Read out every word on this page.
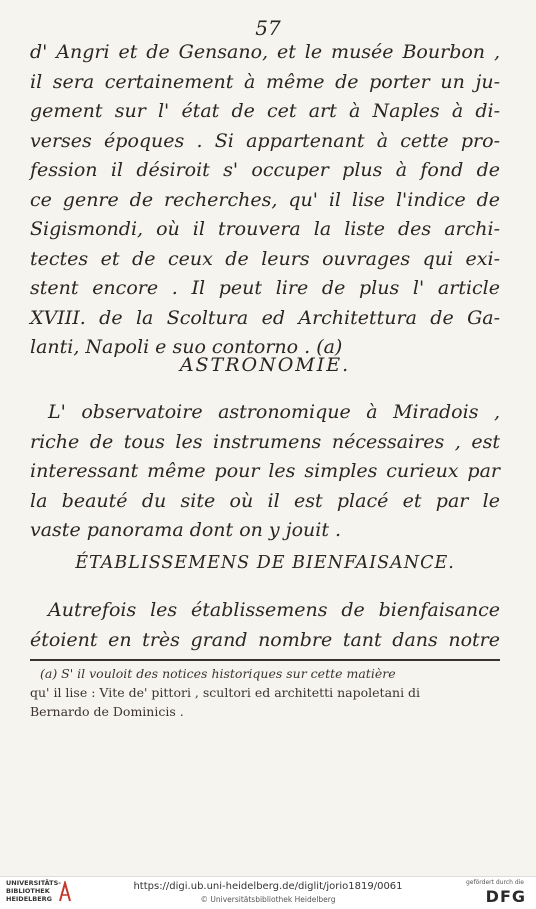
57
d' Angri et de Gensano, et le musée Bourbon ,
il sera certainement à même de porter un ju-
gement sur l' état de cet art à Naples à di-
verses époques . Si appartenant à cette pro-
fession il désiroit s' occuper plus à fond de
ce genre de recherches, qu' il lise l'indice de
Sigismondi, où il trouvera la liste des archi-
tectes et de ceux de leurs ouvrages qui exi-
stent encore . Il peut lire de plus l' article
XVIII. de la Scoltura ed Architettura de Ga-
lanti, Napoli e suo contorno . (a)
ASTRONOMIE.
L' observatoire astronomique à Miradois ,
riche de tous les instrumens nécessaires , est
interessant même pour les simples curieux par
la beauté du site où il est placé et par le
vaste panorama dont on y jouit .
ÉTABLISSEMENS DE BIENFAISANCE.
Autrefois les établissemens de bienfaisance
étoient en très grand nombre tant dans notre
(a) S' il vouloit des notices historiques sur cette matière
qu' il lise : Vite de' pittori , scultori ed architetti napoletani di
Bernardo de Dominicis .
UNIVERSITÄTS-
BIBLIOTHEK
HEIDELBERG
https://digi.ub.uni-heidelberg.de/diglit/jorio1819/0061
© Universitätsbibliothek Heidelberg
gefördert durch die
DFG
